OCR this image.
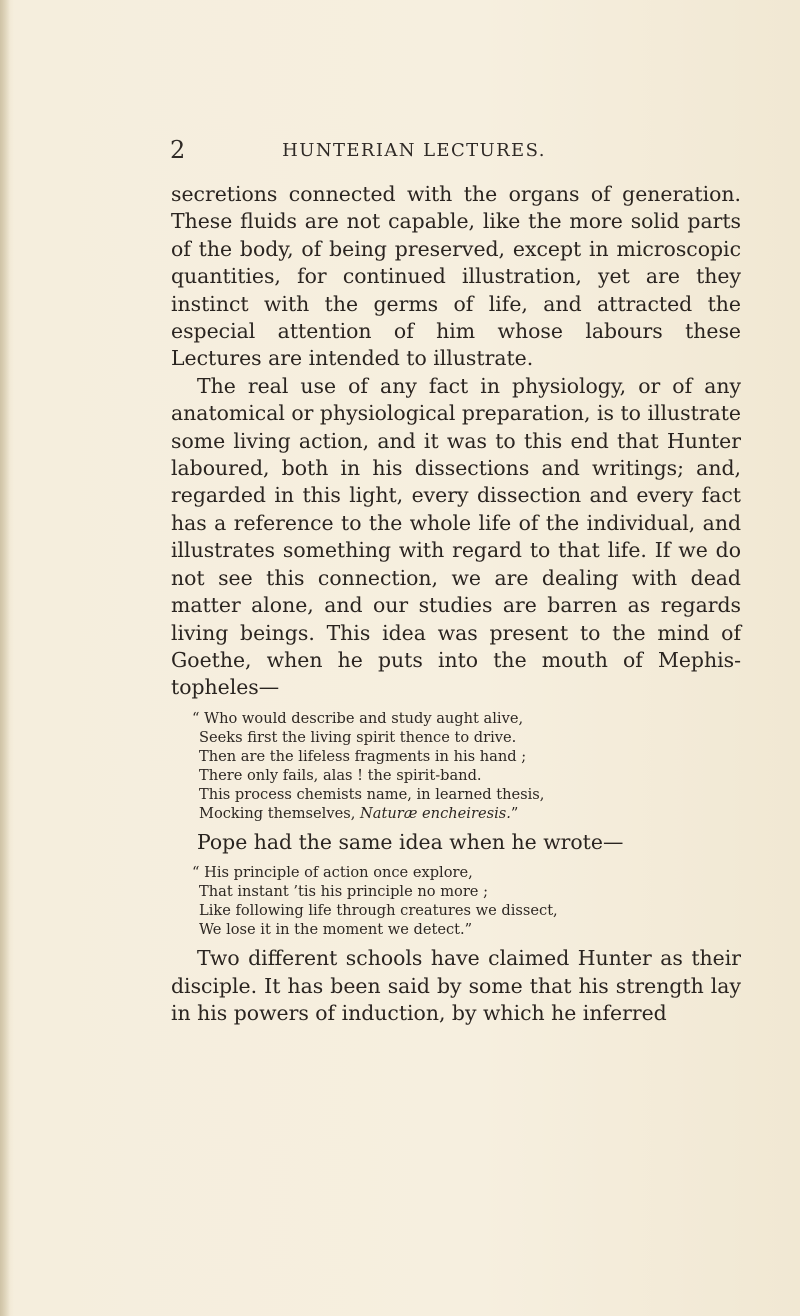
2	HUNTERIAN LECTURES.

secretions connected with the organs of generation. These fluids are not capable, like the more solid parts of the body, of being preserved, except in microscopic quantities, for continued illustration, yet are they instinct with the germs of life, and attracted the especial attention of him whose labours these Lectures are intended to illustrate.

The real use of any fact in physiology, or of any anatomical or physiological preparation, is to illustrate some living action, and it was to this end that Hunter laboured, both in his dissections and writings; and, regarded in this light, every dissection and every fact has a reference to the whole life of the individual, and illustrates something with regard to that life. If we do not see this connection, we are dealing with dead matter alone, and our studies are barren as regards living beings. This idea was present to the mind of Goethe, when he puts into the mouth of Mephis-topheles—

“ Who would describe and study aught alive,
Seeks first the living spirit thence to drive.
Then are the lifeless fragments in his hand ;
There only fails, alas ! the spirit-band.
This process chemists name, in learned thesis,
Mocking themselves, Naturæ encheiresis.”

Pope had the same idea when he wrote—

“ His principle of action once explore,
That instant ’tis his principle no more ;
Like following life through creatures we dissect,
We lose it in the moment we detect.”

Two different schools have claimed Hunter as their disciple. It has been said by some that his strength lay in his powers of induction, by which he inferred
